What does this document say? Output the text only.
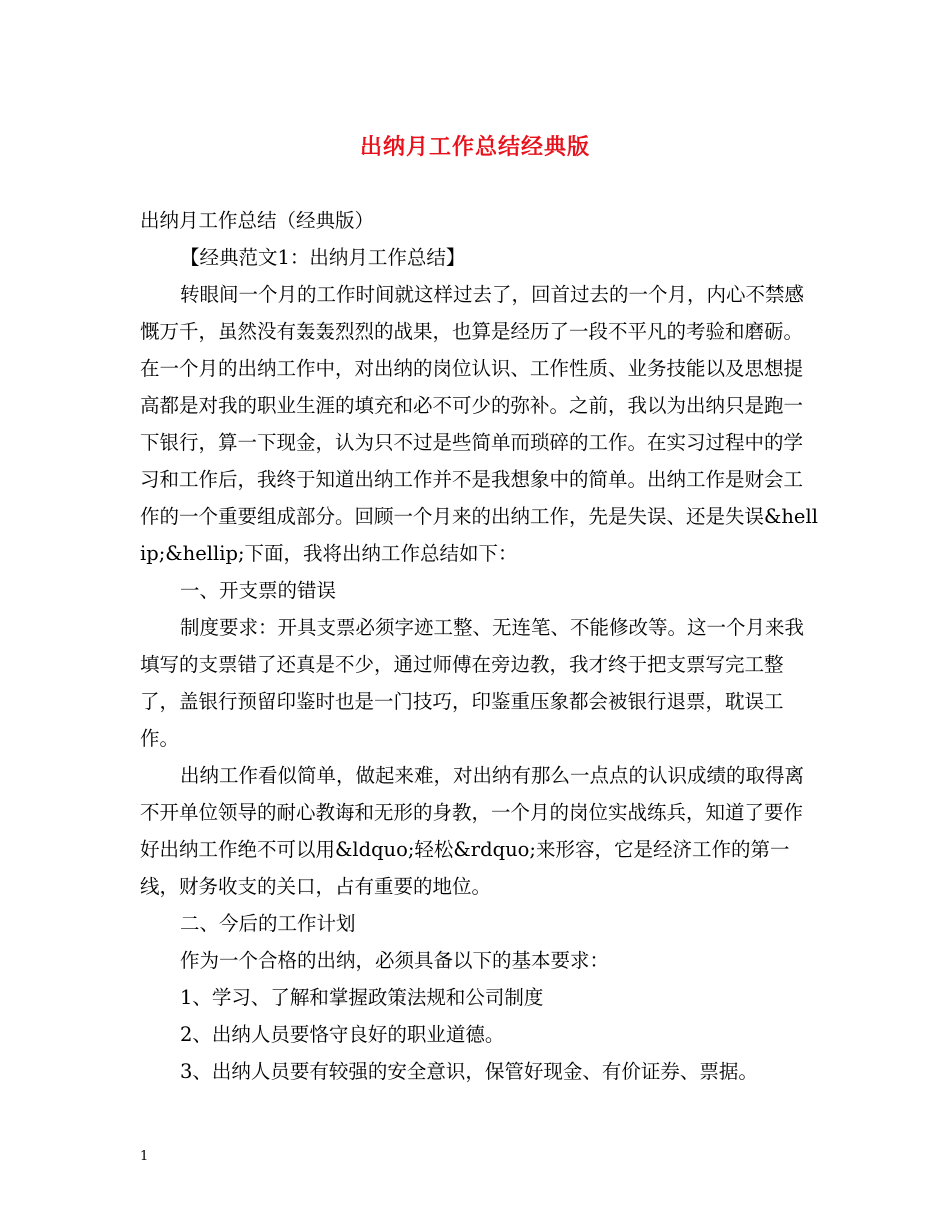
出纳月工作总结经典版

出纳月工作总结（经典版）

【经典范文1：出纳月工作总结】

转眼间一个月的工作时间就这样过去了，回首过去的一个月，内心不禁感慨万千，虽然没有轰轰烈烈的战果，也算是经历了一段不平凡的考验和磨砺。在一个月的出纳工作中，对出纳的岗位认识、工作性质、业务技能以及思想提高都是对我的职业生涯的填充和必不可少的弥补。之前，我以为出纳只是跑一下银行，算一下现金，认为只不过是些简单而琐碎的工作。在实习过程中的学习和工作后，我终于知道出纳工作并不是我想象中的简单。出纳工作是财会工作的一个重要组成部分。回顾一个月来的出纳工作，先是失误、还是失误&hellip;&hellip;下面，我将出纳工作总结如下：

一、开支票的错误

制度要求：开具支票必须字迹工整、无连笔、不能修改等。这一个月来我填写的支票错了还真是不少，通过师傅在旁边教，我才终于把支票写完工整了，盖银行预留印鉴时也是一门技巧，印鉴重压象都会被银行退票，耽误工作。

出纳工作看似简单，做起来难，对出纳有那么一点点的认识成绩的取得离不开单位领导的耐心教诲和无形的身教，一个月的岗位实战练兵，知道了要作好出纳工作绝不可以用&ldquo;轻松&rdquo;来形容，它是经济工作的第一线，财务收支的关口，占有重要的地位。

二、今后的工作计划

作为一个合格的出纳，必须具备以下的基本要求：

1、学习、了解和掌握政策法规和公司制度

2、出纳人员要恪守良好的职业道德。

3、出纳人员要有较强的安全意识，保管好现金、有价证券、票据。

1
